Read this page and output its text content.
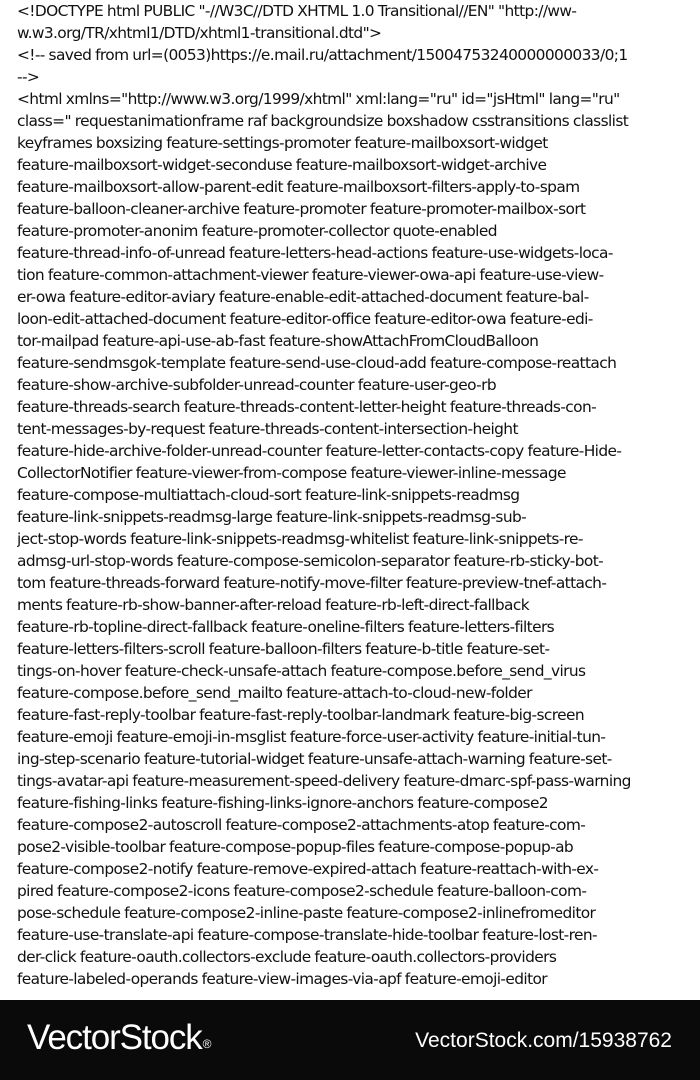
<!DOCTYPE html PUBLIC "-//W3C//DTD XHTML 1.0 Transitional//EN" "http://ww-
w.w3.org/TR/xhtml1/DTD/xhtml1-transitional.dtd">
<!-- saved from url=(0053)https://e.mail.ru/attachment/15004753240000000033/0;1
-->
<html xmlns="http://www.w3.org/1999/xhtml" xml:lang="ru" id="jsHtml" lang="ru"
class=" requestanimationframe raf backgroundsize boxshadow csstransitions classlist
keyframes boxsizing feature-settings-promoter feature-mailboxsort-widget
feature-mailboxsort-widget-seconduse feature-mailboxsort-widget-archive
feature-mailboxsort-allow-parent-edit feature-mailboxsort-filters-apply-to-spam
feature-balloon-cleaner-archive feature-promoter feature-promoter-mailbox-sort
feature-promoter-anonim feature-promoter-collector quote-enabled
feature-thread-info-of-unread feature-letters-head-actions feature-use-widgets-loca-
tion feature-common-attachment-viewer feature-viewer-owa-api feature-use-view-
er-owa feature-editor-aviary feature-enable-edit-attached-document feature-bal-
loon-edit-attached-document feature-editor-office feature-editor-owa feature-edi-
tor-mailpad feature-api-use-ab-fast feature-showAttachFromCloudBalloon
feature-sendmsgok-template feature-send-use-cloud-add feature-compose-reattach
feature-show-archive-subfolder-unread-counter feature-user-geo-rb
feature-threads-search feature-threads-content-letter-height feature-threads-con-
tent-messages-by-request feature-threads-content-intersection-height
feature-hide-archive-folder-unread-counter feature-letter-contacts-copy feature-Hide-
CollectorNotifier feature-viewer-from-compose feature-viewer-inline-message
feature-compose-multiattach-cloud-sort feature-link-snippets-readmsg
feature-link-snippets-readmsg-large feature-link-snippets-readmsg-sub-
ject-stop-words feature-link-snippets-readmsg-whitelist feature-link-snippets-re-
admsg-url-stop-words feature-compose-semicolon-separator feature-rb-sticky-bot-
tom feature-threads-forward feature-notify-move-filter feature-preview-tnef-attach-
ments feature-rb-show-banner-after-reload feature-rb-left-direct-fallback
feature-rb-topline-direct-fallback feature-oneline-filters feature-letters-filters
feature-letters-filters-scroll feature-balloon-filters feature-b-title feature-set-
tings-on-hover feature-check-unsafe-attach feature-compose.before_send_virus
feature-compose.before_send_mailto feature-attach-to-cloud-new-folder
feature-fast-reply-toolbar feature-fast-reply-toolbar-landmark feature-big-screen
feature-emoji feature-emoji-in-msglist feature-force-user-activity feature-initial-tun-
ing-step-scenario feature-tutorial-widget feature-unsafe-attach-warning feature-set-
tings-avatar-api feature-measurement-speed-delivery feature-dmarc-spf-pass-warning
feature-fishing-links feature-fishing-links-ignore-anchors feature-compose2
feature-compose2-autoscroll feature-compose2-attachments-atop feature-com-
pose2-visible-toolbar feature-compose-popup-files feature-compose-popup-ab
feature-compose2-notify feature-remove-expired-attach feature-reattach-with-ex-
pired feature-compose2-icons feature-compose2-schedule feature-balloon-com-
pose-schedule feature-compose2-inline-paste feature-compose2-inlinefromeditor
feature-use-translate-api feature-compose-translate-hide-toolbar feature-lost-ren-
der-click feature-oauth.collectors-exclude feature-oauth.collectors-providers
feature-labeled-operands feature-view-images-via-apf feature-emoji-editor
VectorStock®	VectorStock.com/15938762
